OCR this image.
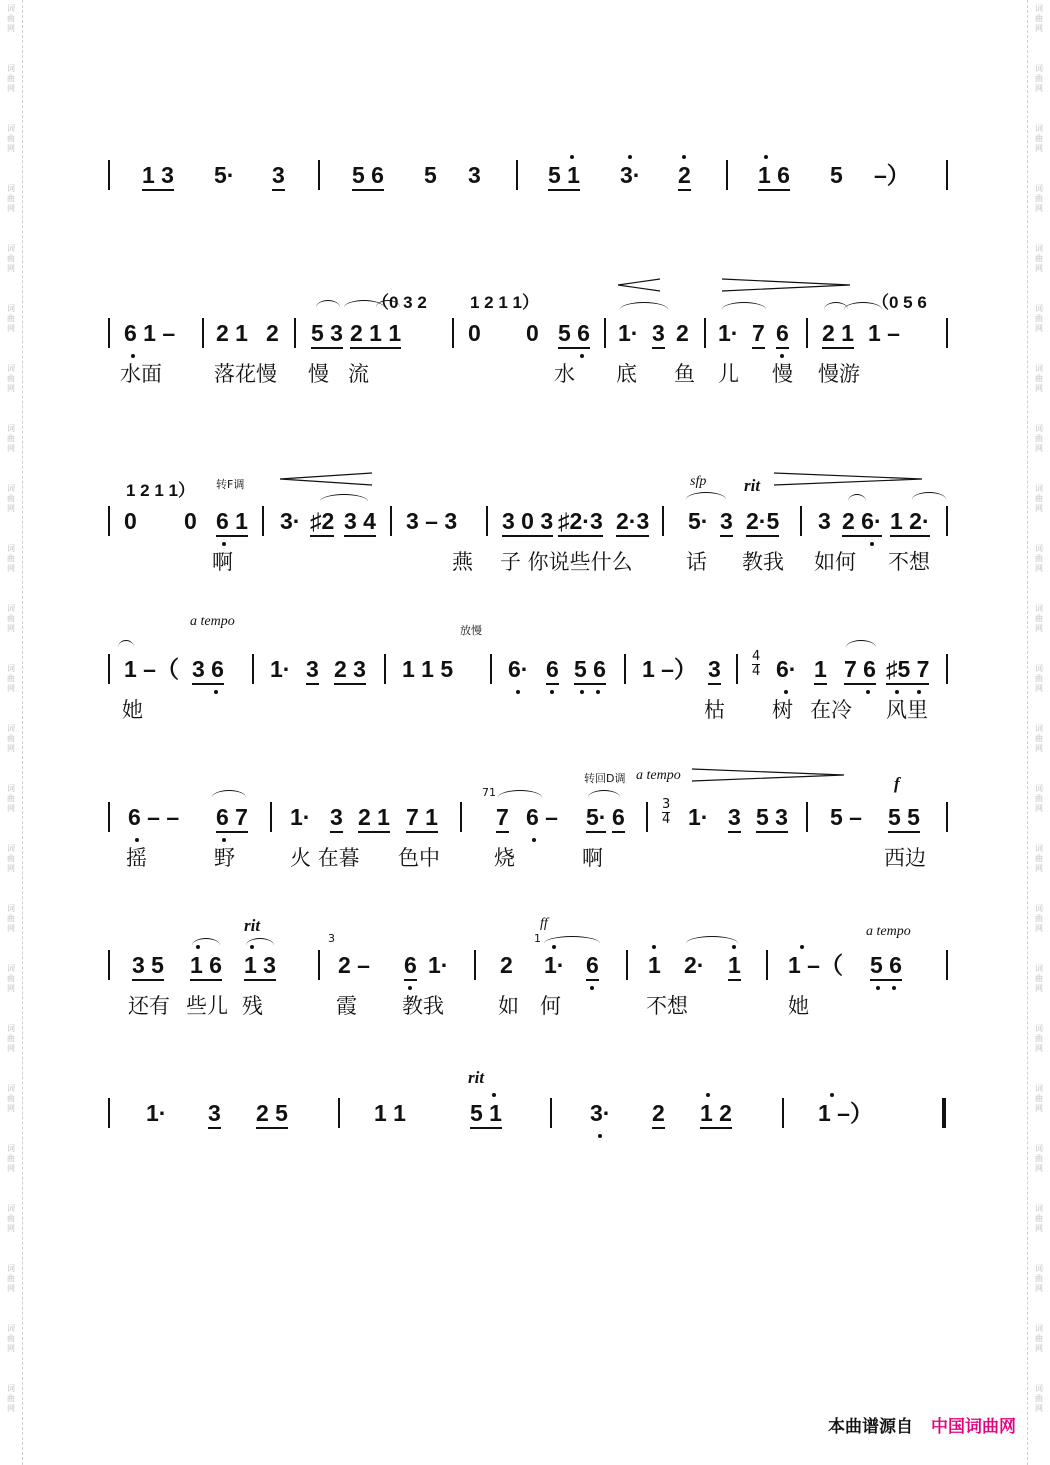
词
曲
网
词
曲
网
词
曲
网
词
曲
网
词
曲
网
词
曲
网
词
曲
网
词
曲
网
词
曲
网
词
曲
网
词
曲
网
词
曲
网
词
曲
网
词
曲
网
词
曲
网
词
曲
网
词
曲
网
词
曲
网
词
曲
网
词
曲
网
词
曲
网
词
曲
网
词
曲
网
词
曲
网
词
曲
网
词
曲
网
词
曲
网
词
曲
网
词
曲
网
词
曲
网
词
曲
网
词
曲
网
词
曲
网
词
曲
网
词
曲
网
词
曲
网
词
曲
网
词
曲
网
词
曲
网
词
曲
网
词
曲
网
词
曲
网
词
曲
网
词
曲
网
词
曲
网
词
曲
网
词
曲
网
词
曲
网
1 3 5· 3	5 6 5 3	5 1 3· 2	1 6 5 –）
（0 3 2	1 2 1 1）	（0 5 6
6 1 – 2 1 2 5 3 2 1 1	0 0 5 6 1· 3 2 1· 7 6 2 1 1 –
水面 落花慢 慢 流	水 底 鱼 儿 慢 慢游
1 2 1 1）
0 0 6 1 3· ♯2 3 4 3 – 3 3 0 3 ♯2·3 2·3 5· 3 2·5 3 2 6· 1 2·
啊	燕 子 你说些什么	话 教我 如何 不想
转F调	sfp rit
1 –（ 3 6 1· 3 2 3 1 1 5 6· 6 5 6 1 –） 3 6· 1 7 6 ♯5 7
$\frac{4}{4}$
她	枯 树 在冷 风里
放慢
a tempo
6 – – 6 7 1· 3 2 1 7 1	7 6 – 5· 6	1· 3 5 3 5 – 5 5
$\frac{3}{4}$
摇	野	火 在暮 色中	烧	啊	西边
转回D调
71
a tempo	f
3 5 1 6 1 3	2 – 6 1· 2 1· 6 1 2· 1 1 –（ 5 6
还有 些儿 残	霞 教我	如 何	不想	她
3	1
rit	ff
a tempo
1· 3 2 5	1 1	5 1	3· 2 1 2	1 –）
rit
本曲谱源自 中国词曲网
